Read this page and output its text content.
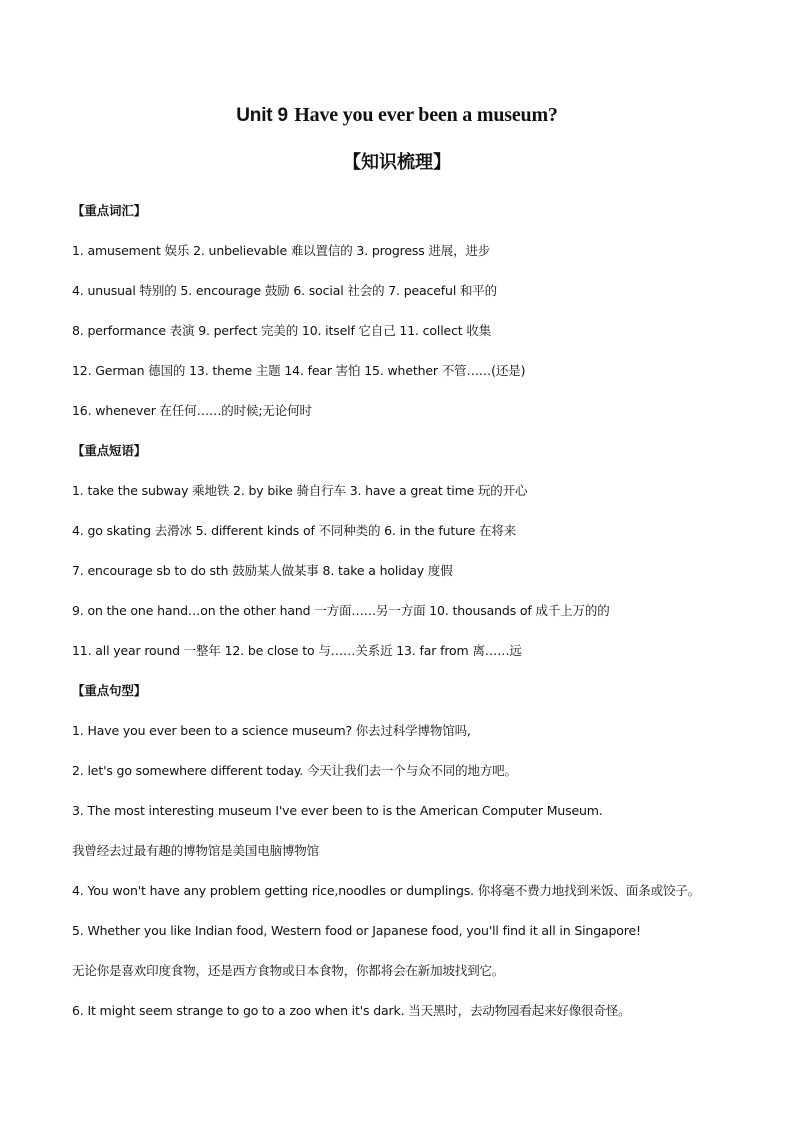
Unit 9 Have you ever been a museum?
【知识梳理】
【重点词汇】
1. amusement 娱乐 2. unbelievable 难以置信的 3. progress 进展，进步
4. unusual 特别的 5. encourage 鼓励 6. social 社会的 7. peaceful 和平的
8. performance 表演 9. perfect 完美的 10. itself 它自己 11. collect 收集
12. German 德国的 13. theme 主题 14. fear 害怕 15. whether 不管……(还是)
16. whenever 在任何……的时候;无论何时
【重点短语】
1. take the subway 乘地铁 2. by bike 骑自行车 3. have a great time 玩的开心
4. go skating 去滑冰 5. different kinds of 不同种类的 6. in the future 在将来
7. encourage sb to do sth 鼓励某人做某事 8. take a holiday 度假
9. on the one hand…on the other hand 一方面……另一方面 10. thousands of 成千上万的的
11. all year round 一整年 12. be close to 与……关系近 13. far from 离……远
【重点句型】
1. Have you ever been to a science museum? 你去过科学博物馆吗,
2. let's go somewhere different today. 今天让我们去一个与众不同的地方吧。
3. The most interesting museum I've ever been to is the American Computer Museum.
我曾经去过最有趣的博物馆是美国电脑博物馆
4. You won't have any problem getting rice,noodles or dumplings. 你将毫不费力地找到米饭、面条或饺子。
5. Whether you like Indian food, Western food or Japanese food, you'll find it all in Singapore!
无论你是喜欢印度食物，还是西方食物或日本食物，你都将会在新加坡找到它。
6. It might seem strange to go to a zoo when it's dark. 当天黑时，去动物园看起来好像很奇怪。
